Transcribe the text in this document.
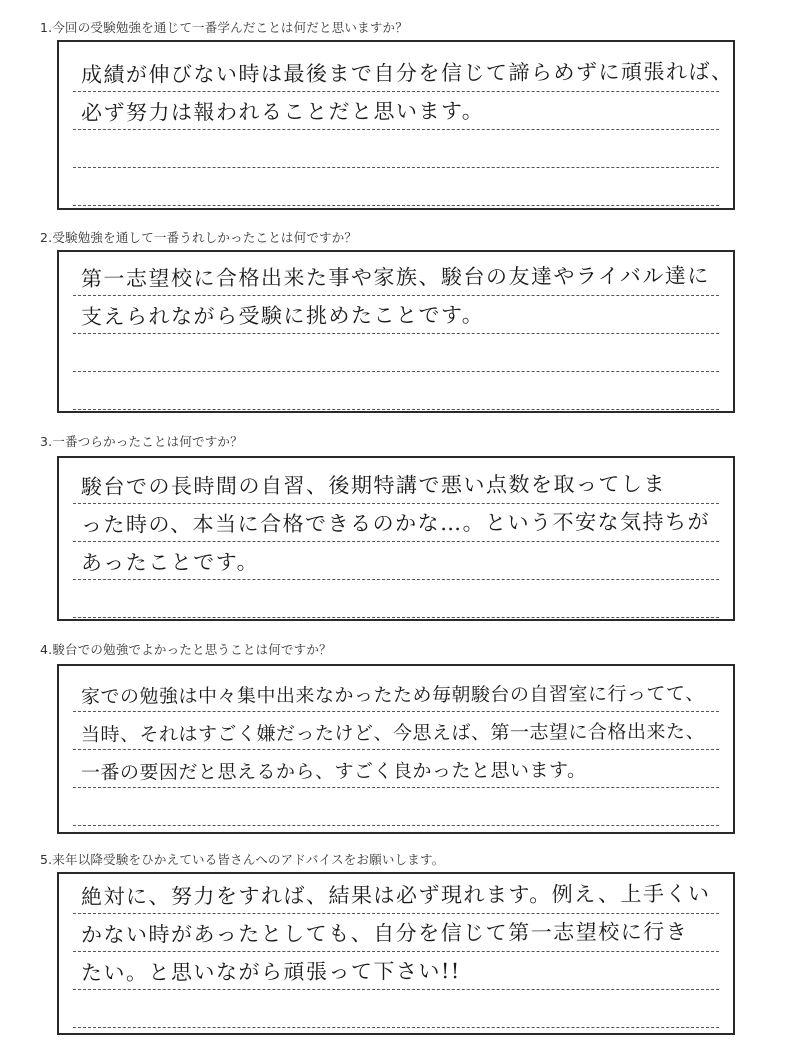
1.今回の受験勉強を通じて一番学んだことは何だと思いますか？
成績が伸びない時は最後まで自分を信じて諦らめずに頑張れば、
必ず努力は報われることだと思います。
2.受験勉強を通して一番うれしかったことは何ですか？
第一志望校に合格出来た事や家族、駿台の友達やライバル達に
支えられながら受験に挑めたことです。
3.一番つらかったことは何ですか？
駿台での長時間の自習、後期特講で悪い点数を取ってしま
った時の、本当に合格できるのかな…。という不安な気持ちが
あったことです。
4.駿台での勉強でよかったと思うことは何ですか？
家での勉強は中々集中出来なかったため毎朝駿台の自習室に行ってて、
当時、それはすごく嫌だったけど、今思えば、第一志望に合格出来た、
一番の要因だと思えるから、すごく良かったと思います。
5.来年以降受験をひかえている皆さんへのアドバイスをお願いします。
絶対に、努力をすれば、結果は必ず現れます。例え、上手くい
かない時があったとしても、自分を信じて第一志望校に行き
たい。と思いながら頑張って下さい!!
